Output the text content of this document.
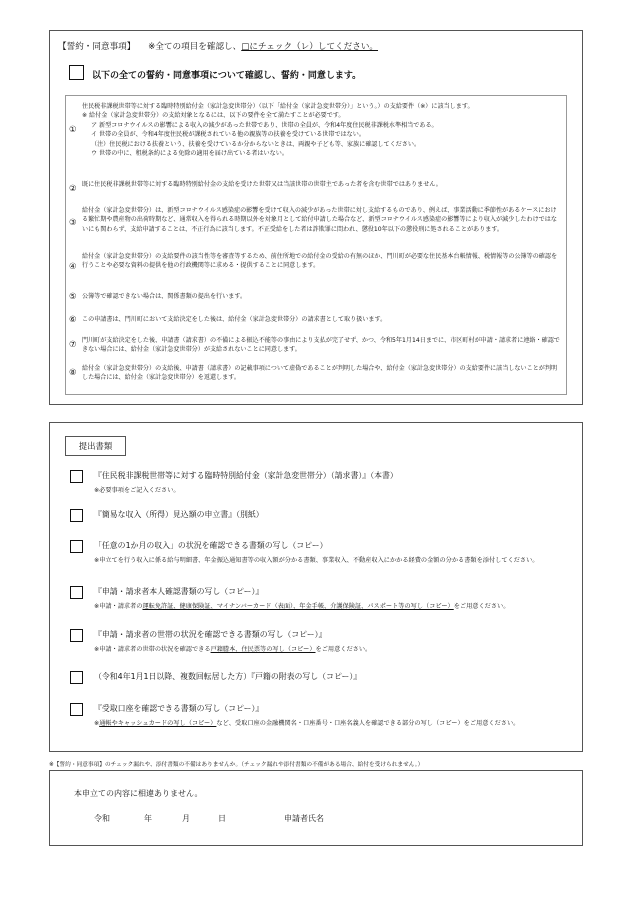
【誓約・同意事項】 ※全ての項目を確認し、□にチェック（レ）してください。
以下の全ての誓約・同意事項について確認し、誓約・同意します。
①

住民税非課税世帯等に対する臨時特別給付金（家計急変世帯分）（以下「給付金（家計急変世帯分）」という。）の支給要件（※）に該当します。

※ 給付金（家計急変世帯分）の支給対象となるには、以下の要件を全て満たすことが必要です。

ア 新型コロナウイルスの影響による収入の減少があった世帯であり、世帯の全員が、令和4年度住民税非課税水準相当である。

イ 世帯の全員が、令和4年度住民税が課税されている他の親族等の扶養を受けている世帯ではない。

（注）住民税における扶養という、扶養を受けているか分からないときは、両親や子ども等、家族に確認してください。

ウ 世帯の中に、租税条約による免除の適用を届け出ている者はいない。

② 既に住民税非課税世帯等に対する臨時特別給付金の支給を受けた世帯又は当該世帯の世帯主であった者を含む世帯ではありません。

③

給付金（家計急変世帯分）は、新型コロナウイルス感染症の影響を受けて収入の減少があった世帯に対し支給するものであり、例えば、事業活動に季節性があるケースにおける繁忙期や農産物の出荷時期など、通常収入を得られる時期以外を対象月として給付申請した場合など、新型コロナウイルス感染症の影響等により収入が減少したわけではないにも関わらず、支給申請することは、不正行為に該当します。不正受給をした者は詐欺罪に問われ、懲役10年以下の懲役刑に処されることがあります。

④

給付金（家計急変世帯分）の支給要件の該当性等を審査等するため、前住所地での給付金の受給の有無のほか、門川町が必要な住民基本台帳情報、税情報等の公簿等の確認を行うことや必要な資料の提供を他の行政機関等に求める・提供することに同意します。

⑤ 公簿等で確認できない場合は、関係書類の提出を行います。

⑥ この申請書は、門川町において支給決定をした後は、給付金（家計急変世帯分）の請求書として取り扱います。

⑦ 門川町が支給決定をした後、申請書（請求書）の不備による振込不能等の事由により支払が完了せず、かつ、令和5年1月14日までに、市区町村が申請・請求者に連絡・確認できない場合には、給付金（家計急変世帯分）が支給されないことに同意します。

⑧ 給付金（家計急変世帯分）の支給後、申請書（請求書）の記載事項について虚偽であることが判明した場合や、給付金（家計急変世帯分）の支給要件に該当しないことが判明した場合には、給付金（家計急変世帯分）を返還します。

提出書類
『住民税非課税世帯等に対する臨時特別給付金（家計急変世帯分）（請求書）』（本書）
※必要事項をご記入ください。
『簡易な収入（所得）見込額の申立書』（別紙）
「任意の1か月の収入」の状況を確認できる書類の写し（コピー）
※申立てを行う収入に係る給与明細書、年金振込通知書等の収入額が分かる書類、事業収入、不動産収入にかかる経費の金額の分かる書類を添付してください。
『申請・請求者本人確認書類の写し（コピー）』
※申請・請求者の運転免許証、健康保険証、マイナンバーカード（表面）、年金手帳、介護保険証、パスポート等の写し（コピー）をご用意ください。
『申請・請求者の世帯の状況を確認できる書類の写し（コピー）』
※申請・請求者の世帯の状況を確認できる戸籍謄本、住民票等の写し（コピー）をご用意ください。
（令和4年1月1日以降、複数回転居した方）『戸籍の附表の写し（コピー）』
『受取口座を確認できる書類の写し（コピー）』
※通帳やキャッシュカードの写し（コピー）など、受取口座の金融機関名・口座番号・口座名義人を確認できる部分の写し（コピー）をご用意ください。
※【誓約・同意事項】のチェック漏れや、添付書類の不備はありませんか。（チェック漏れや添付書類の不備がある場合、給付を受けられません。）
本申立ての内容に相違ありません。
令和	年	月	日	申請者氏名
